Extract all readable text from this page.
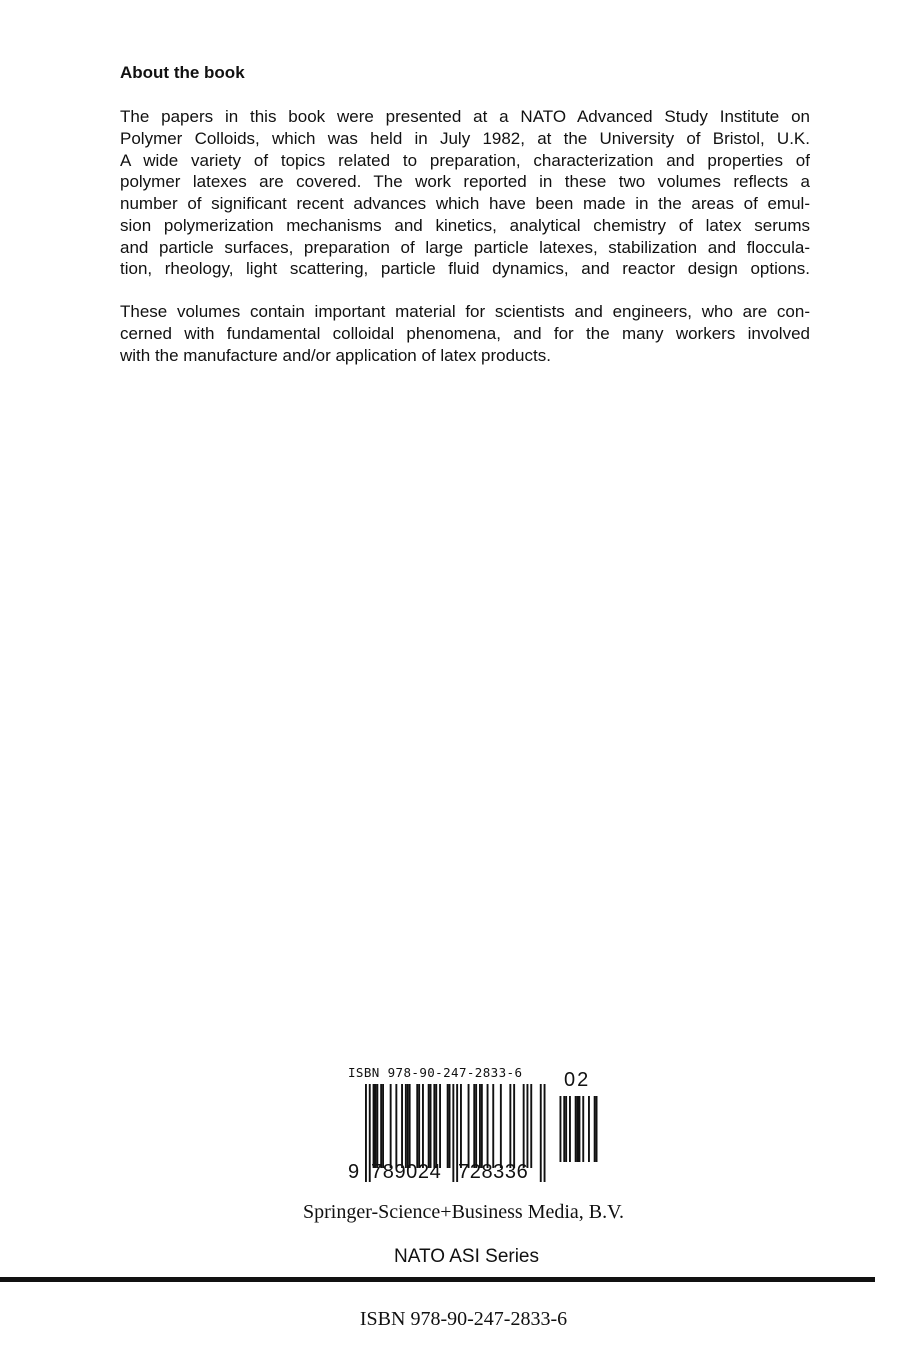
About the book
The papers in this book were presented at a NATO Advanced Study Institute on
Polymer Colloids, which was held in July 1982, at the University of Bristol, U.K.
A wide variety of topics related to preparation, characterization and properties of
polymer latexes are covered. The work reported in these two volumes reflects a
number of significant recent advances which have been made in the areas of emul-
sion polymerization mechanisms and kinetics, analytical chemistry of latex serums
and particle surfaces, preparation of large particle latexes, stabilization and floccula-
tion, rheology, light scattering, particle fluid dynamics, and reactor design options.
These volumes contain important material for scientists and engineers, who are con-
cerned with fundamental colloidal phenomena, and for the many workers involved
with the manufacture and/or application of latex products.
ISBN 978-90-247-2833-6 02
9 789024 728336
Springer-Science+Business Media, B.V.
NATO ASI Series
ISBN 978-90-247-2833-6
